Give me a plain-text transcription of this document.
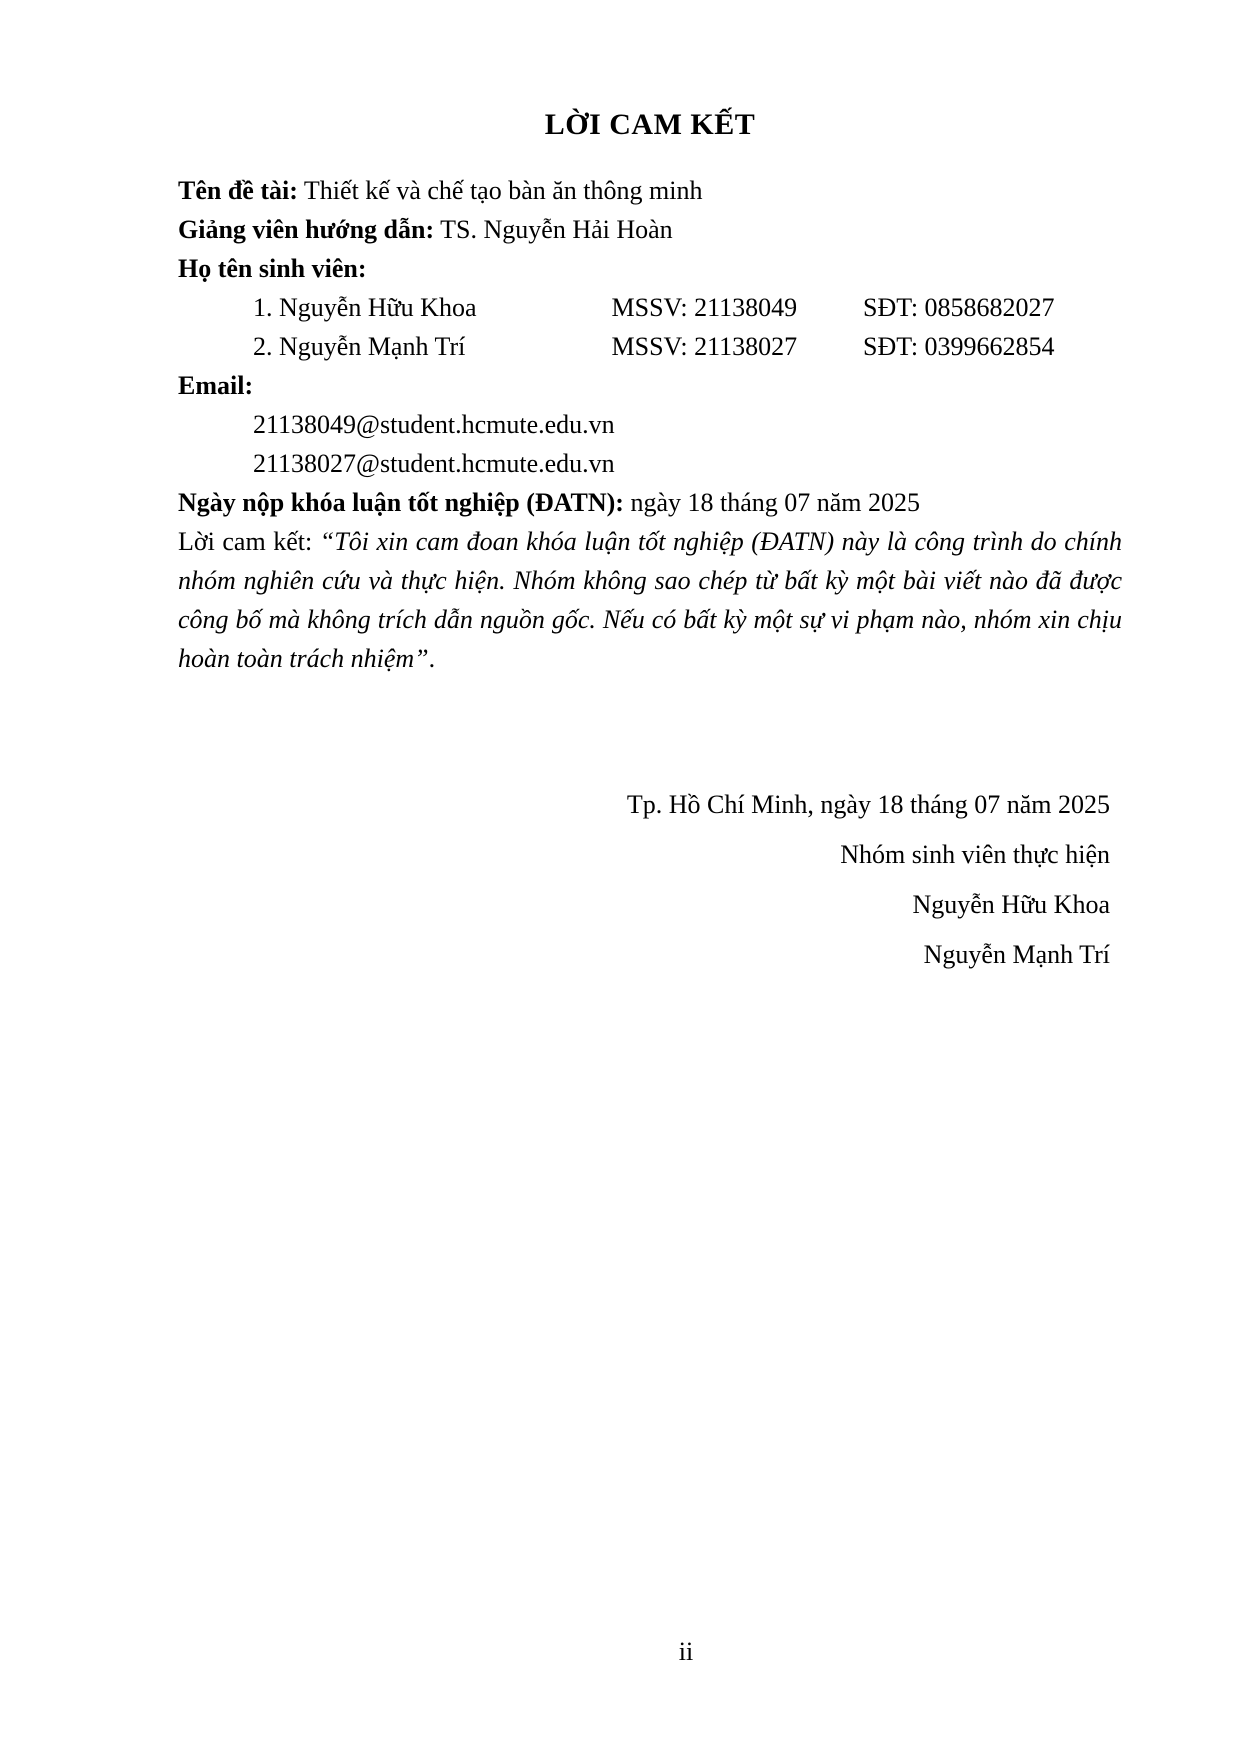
LỜI CAM KẾT
Tên đề tài: Thiết kế và chế tạo bàn ăn thông minh
Giảng viên hướng dẫn: TS. Nguyễn Hải Hoàn
Họ tên sinh viên:
1. Nguyễn Hữu Khoa	MSSV: 21138049	SĐT: 0858682027
2. Nguyễn Mạnh Trí	MSSV: 21138027	SĐT: 0399662854
Email:
21138049@student.hcmute.edu.vn
21138027@student.hcmute.edu.vn
Ngày nộp khóa luận tốt nghiệp (ĐATN): ngày 18 tháng 07 năm 2025

Lời cam kết: “Tôi xin cam đoan khóa luận tốt nghiệp (ĐATN) này là công trình do chính nhóm nghiên cứu và thực hiện. Nhóm không sao chép từ bất kỳ một bài viết nào đã được công bố mà không trích dẫn nguồn gốc. Nếu có bất kỳ một sự vi phạm nào, nhóm xin chịu hoàn toàn trách nhiệm”.

Tp. Hồ Chí Minh, ngày 18 tháng 07 năm 2025
Nhóm sinh viên thực hiện
Nguyễn Hữu Khoa
Nguyễn Mạnh Trí
ii
